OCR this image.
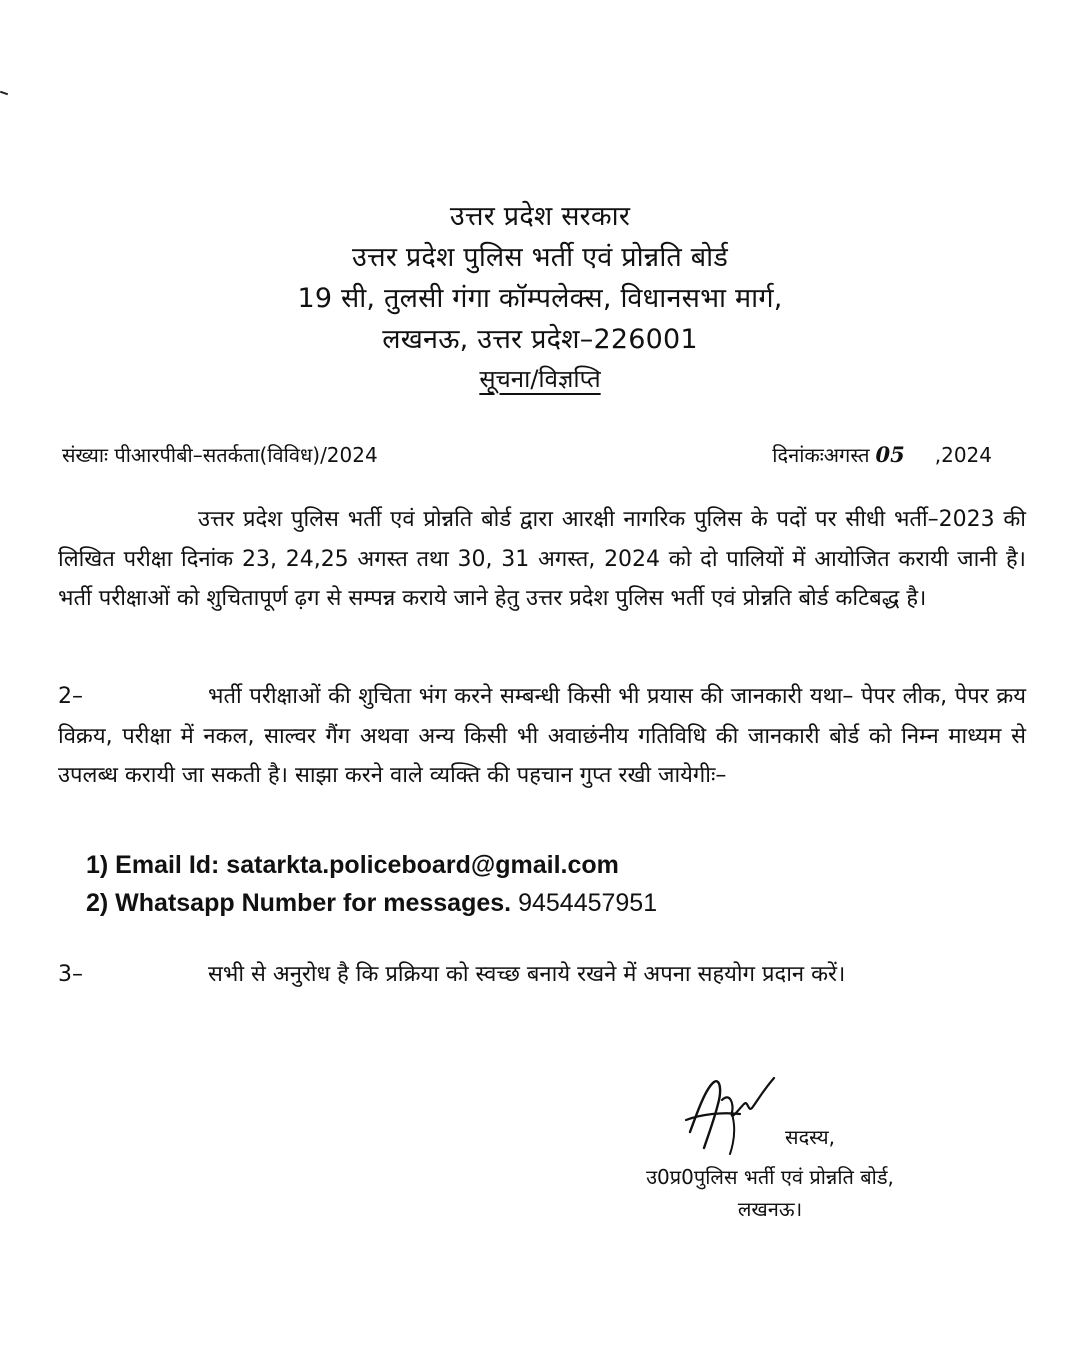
उत्तर प्रदेश सरकार
उत्तर प्रदेश पुलिस भर्ती एवं प्रोन्नति बोर्ड
19 सी, तुलसी गंगा कॉम्पलेक्स, विधानसभा मार्ग,
लखनऊ, उत्तर प्रदेश–226001
सूचना/विज्ञप्ति
संख्याः पीआरपीबी–सतर्कता(विविध)/2024	दिनांकःअगस्त 05 ,2024
उत्तर प्रदेश पुलिस भर्ती एवं प्रोन्नति बोर्ड द्वारा आरक्षी नागरिक पुलिस के पदों पर सीधी भर्ती–2023 की लिखित परीक्षा दिनांक 23, 24,25 अगस्त तथा 30, 31 अगस्त, 2024 को दो पालियों में आयोजित करायी जानी है। भर्ती परीक्षाओं को शुचितापूर्ण ढ़ग से सम्पन्न कराये जाने हेतु उत्तर प्रदेश पुलिस भर्ती एवं प्रोन्नति बोर्ड कटिबद्ध है।
2–	भर्ती परीक्षाओं की शुचिता भंग करने सम्बन्धी किसी भी प्रयास की जानकारी यथा– पेपर लीक, पेपर क्रय विक्रय, परीक्षा में नकल, साल्वर गैंग अथवा अन्य किसी भी अवाछंनीय गतिविधि की जानकारी बोर्ड को निम्न माध्यम से उपलब्ध करायी जा सकती है। साझा करने वाले व्यक्ति की पहचान गुप्त रखी जायेगीः–
1) Email Id: satarkta.policeboard@gmail.com
2) Whatsapp Number for messages. 9454457951
3–	सभी से अनुरोध है कि प्रक्रिया को स्वच्छ बनाये रखने में अपना सहयोग प्रदान करें।
सदस्य,
उ0प्र0पुलिस भर्ती एवं प्रोन्नति बोर्ड,
लखनऊ।
